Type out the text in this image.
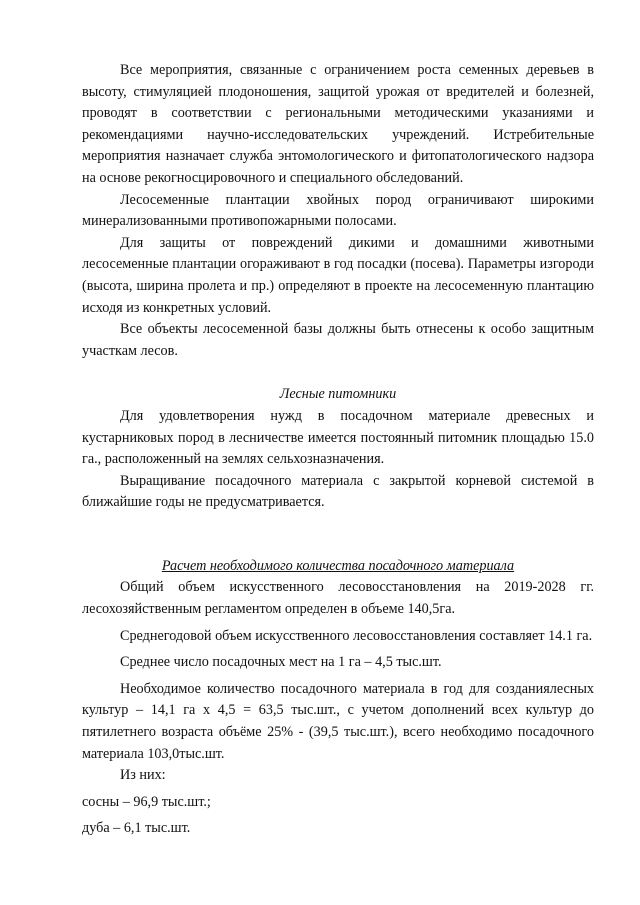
Все мероприятия, связанные с ограничением роста семенных деревьев в высоту, стимуляцией плодоношения, защитой урожая от вредителей и болезней, проводят в соответствии с региональными методическими указаниями и рекомендациями научно-исследовательских учреждений. Истребительные мероприятия назначает служба энтомологического и фитопатологического надзора на основе рекогносцировочного и специального обследований.

Лесосеменные плантации хвойных пород ограничивают широкими минерализованными противопожарными полосами.

Для защиты от повреждений дикими и домашними животными лесосеменные плантации огораживают в год посадки (посева). Параметры изгороди (высота, ширина пролета и пр.) определяют в проекте на лесосеменную плантацию исходя из конкретных условий.

Все объекты лесосеменной базы должны быть отнесены к особо защитным участкам лесов.

Лесные питомники

Для удовлетворения нужд в посадочном материале древесных и кустарниковых пород в лесничестве имеется постоянный питомник площадью 15.0 га., расположенный на землях сельхозназначения.

Выращивание посадочного материала с закрытой корневой системой в ближайшие годы не предусматривается.

Расчет необходимого количества посадочного материала

Общий объем искусственного лесовосстановления на 2019-2028 гг. лесохозяйственным регламентом определен в объеме 140,5га.

Среднегодовой объем искусственного лесовосстановления составляет 14.1 га.

Среднее число посадочных мест на 1 га – 4,5 тыс.шт.

Необходимое количество посадочного материала в год для созданиялесных культур – 14,1 га х 4,5 = 63,5 тыс.шт., с учетом дополнений всех культур до пятилетнего возраста объёме 25% - (39,5 тыс.шт.), всего необходимо посадочного материала 103,0тыс.шт.

Из них:

сосны – 96,9 тыс.шт.;

дуба – 6,1 тыс.шт.
